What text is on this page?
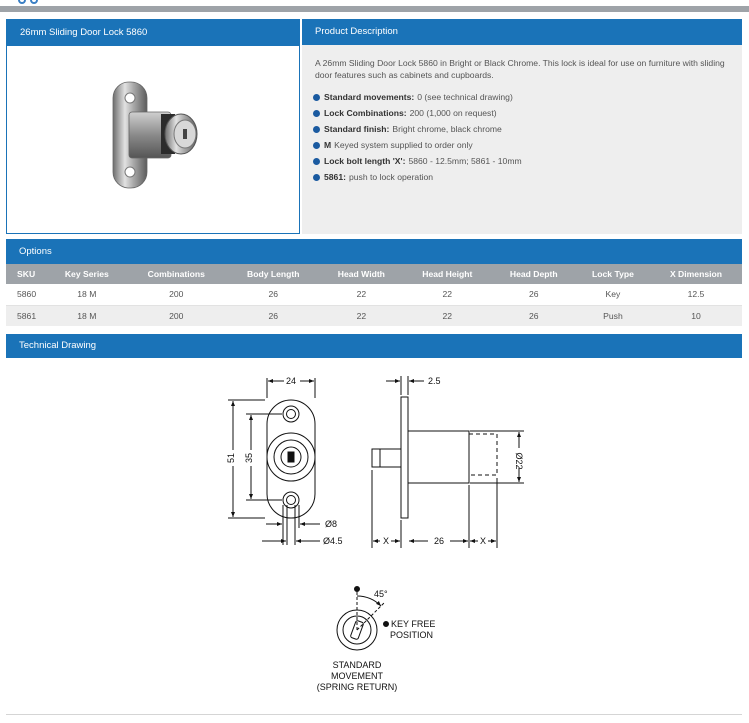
26mm Sliding Door Lock 5860	Product Description

A 26mm Sliding Door Lock 5860 in Bright or Black Chrome. This lock is ideal for use on furniture with sliding door features such as cabinets and cupboards.

Standard movements: 0 (see technical drawing)
Lock Combinations: 200 (1,000 on request)
Standard finish: Bright chrome, black chrome
M Keyed system supplied to order only
Lock bolt length 'X': 5860 - 12.5mm; 5861 - 10mm
5861: push to lock operation
Options
SKU	Key Series	Combinations	Body Length	Head Width	Head Height	Head Depth	Lock Type	X Dimension
5860	18 M	200	26	22	22	26	Key	12.5
5861	18 M	200	26	22	22	26	Push	10
Technical Drawing
24
51 35
Ø8
Ø4.5
2.5
Ø22
X	26	X
45°
KEY FREE
POSITION
STANDARD
MOVEMENT
(SPRING RETURN)
